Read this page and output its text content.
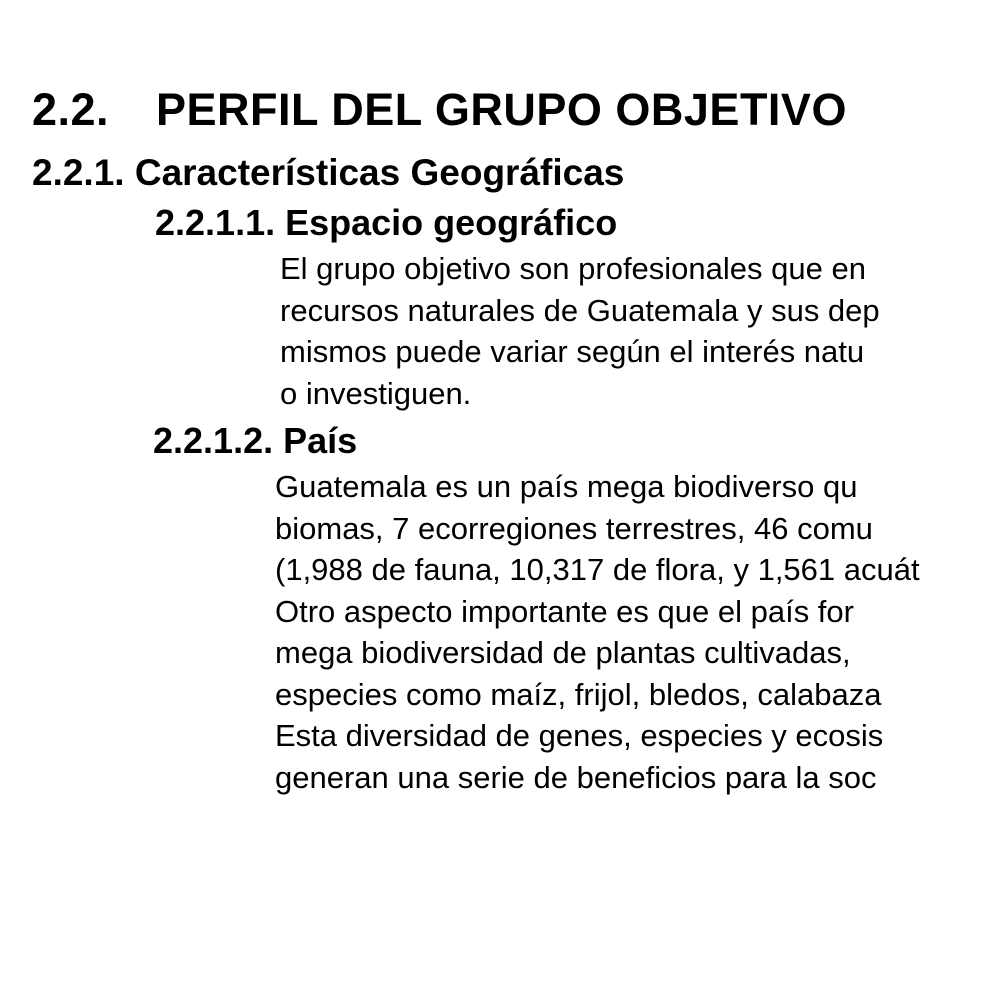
2.2. PERFIL DEL GRUPO OBJETIVO
2.2.1. Características Geográficas
2.2.1.1. Espacio geográfico
El grupo objetivo son profesionales que en
recursos naturales de Guatemala y sus dep
mismos puede variar según el interés natu
o investiguen.
2.2.1.2. País
Guatemala es un país mega biodiverso qu
biomas, 7 ecorregiones terrestres, 46 comu
(1,988 de fauna, 10,317 de flora, y 1,561 acuát
Otro aspecto importante es que el país for
mega biodiversidad de plantas cultivadas,
especies como maíz, frijol, bledos, calabaza
Esta diversidad de genes, especies y ecosis
generan una serie de beneficios para la soc
